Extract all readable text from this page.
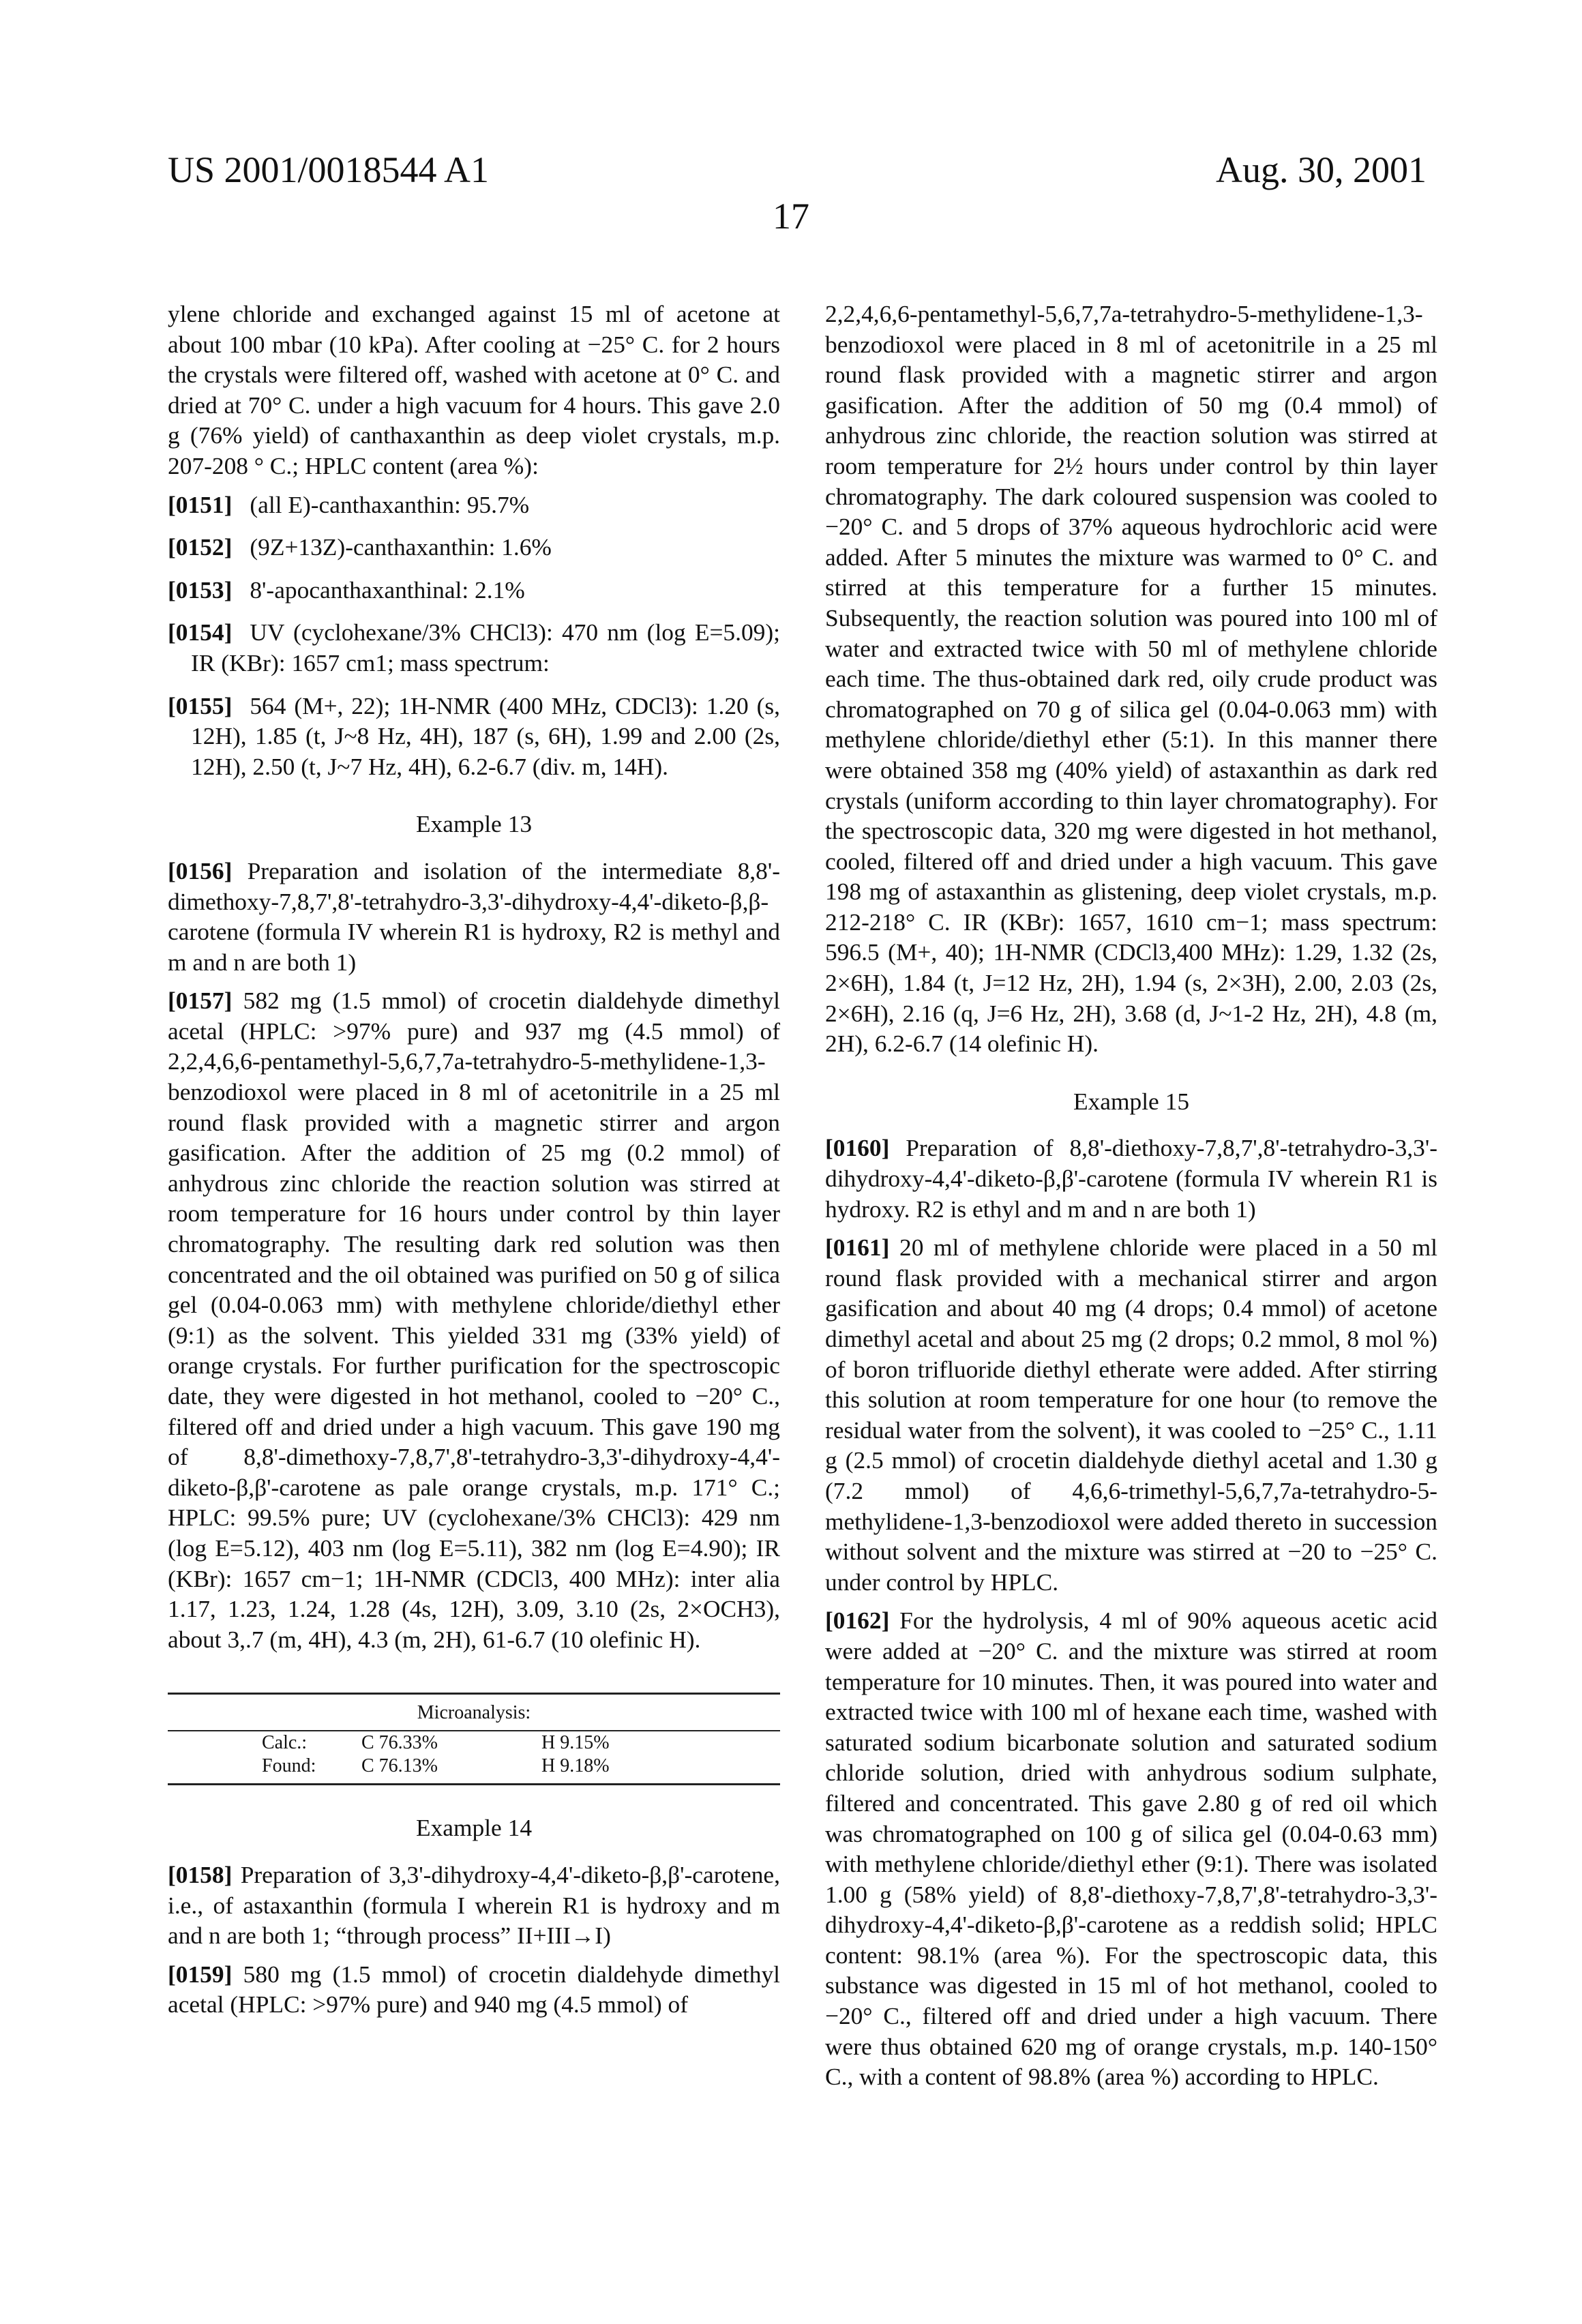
US 2001/0018544 A1	Aug. 30, 2001
17

ylene chloride and exchanged against 15 ml of acetone at about 100 mbar (10 kPa). After cooling at −25° C. for 2 hours the crystals were filtered off, washed with acetone at 0° C. and dried at 70° C. under a high vacuum for 4 hours. This gave 2.0 g (76% yield) of canthaxanthin as deep violet crystals, m.p. 207-208 ° C.; HPLC content (area %):

[0151] (all E)-canthaxanthin: 95.7%
[0152] (9Z+13Z)-canthaxanthin: 1.6%
[0153] 8'-apocanthaxanthinal: 2.1%
[0154] UV (cyclohexane/3% CHCl3): 470 nm (log E=5.09); IR (KBr): 1657 cm1; mass spectrum:
[0155] 564 (M+, 22); 1H-NMR (400 MHz, CDCl3): 1.20 (s, 12H), 1.85 (t, J~8 Hz, 4H), 187 (s, 6H), 1.99 and 2.00 (2s, 12H), 2.50 (t, J~7 Hz, 4H), 6.2-6.7 (div. m, 14H).
Example 13

[0156] Preparation and isolation of the intermediate 8,8'-dimethoxy-7,8,7',8'-tetrahydro-3,3'-dihydroxy-4,4'-diketo-β,β-carotene (formula IV wherein R1 is hydroxy, R2 is methyl and m and n are both 1)

[0157] 582 mg (1.5 mmol) of crocetin dialdehyde dimethyl acetal (HPLC: >97% pure) and 937 mg (4.5 mmol) of 2,2,4,6,6-pentamethyl-5,6,7,7a-tetrahydro-5-methylidene-1,3-benzodioxol were placed in 8 ml of acetonitrile in a 25 ml round flask provided with a magnetic stirrer and argon gasification. After the addition of 25 mg (0.2 mmol) of anhydrous zinc chloride the reaction solution was stirred at room temperature for 16 hours under control by thin layer chromatography. The resulting dark red solution was then concentrated and the oil obtained was purified on 50 g of silica gel (0.04-0.063 mm) with methylene chloride/diethyl ether (9:1) as the solvent. This yielded 331 mg (33% yield) of orange crystals. For further purification for the spectroscopic date, they were digested in hot methanol, cooled to −20° C., filtered off and dried under a high vacuum. This gave 190 mg of 8,8'-dimethoxy-7,8,7',8'-tetrahydro-3,3'-dihydroxy-4,4'-diketo-β,β'-carotene as pale orange crystals, m.p. 171° C.; HPLC: 99.5% pure; UV (cyclohexane/3% CHCl3): 429 nm (log E=5.12), 403 nm (log E=5.11), 382 nm (log E=4.90); IR (KBr): 1657 cm−1; 1H-NMR (CDCl3, 400 MHz): inter alia 1.17, 1.23, 1.24, 1.28 (4s, 12H), 3.09, 3.10 (2s, 2×OCH3), about 3,.7 (m, 4H), 4.3 (m, 2H), 61-6.7 (10 olefinic H).

Microanalysis:
Calc.:	C 76.33%	H 9.15%
Found:	C 76.13%	H 9.18%
Example 14

[0158] Preparation of 3,3'-dihydroxy-4,4'-diketo-β,β'-carotene, i.e., of astaxanthin (formula I wherein R1 is hydroxy and m and n are both 1; “through process” II+III→I)

[0159] 580 mg (1.5 mmol) of crocetin dialdehyde dimethyl acetal (HPLC: >97% pure) and 940 mg (4.5 mmol) of

2,2,4,6,6-pentamethyl-5,6,7,7a-tetrahydro-5-methylidene-1,3-benzodioxol were placed in 8 ml of acetonitrile in a 25 ml round flask provided with a magnetic stirrer and argon gasification. After the addition of 50 mg (0.4 mmol) of anhydrous zinc chloride, the reaction solution was stirred at room temperature for 2½ hours under control by thin layer chromatography. The dark coloured suspension was cooled to −20° C. and 5 drops of 37% aqueous hydrochloric acid were added. After 5 minutes the mixture was warmed to 0° C. and stirred at this temperature for a further 15 minutes. Subsequently, the reaction solution was poured into 100 ml of water and extracted twice with 50 ml of methylene chloride each time. The thus-obtained dark red, oily crude product was chromatographed on 70 g of silica gel (0.04-0.063 mm) with methylene chloride/diethyl ether (5:1). In this manner there were obtained 358 mg (40% yield) of astaxanthin as dark red crystals (uniform according to thin layer chromatography). For the spectroscopic data, 320 mg were digested in hot methanol, cooled, filtered off and dried under a high vacuum. This gave 198 mg of astaxanthin as glistening, deep violet crystals, m.p. 212-218° C. IR (KBr): 1657, 1610 cm−1; mass spectrum: 596.5 (M+, 40); 1H-NMR (CDCl3,400 MHz): 1.29, 1.32 (2s, 2×6H), 1.84 (t, J=12 Hz, 2H), 1.94 (s, 2×3H), 2.00, 2.03 (2s, 2×6H), 2.16 (q, J=6 Hz, 2H), 3.68 (d, J~1-2 Hz, 2H), 4.8 (m, 2H), 6.2-6.7 (14 olefinic H).

Example 15

[0160] Preparation of 8,8'-diethoxy-7,8,7',8'-tetrahydro-3,3'-dihydroxy-4,4'-diketo-β,β'-carotene (formula IV wherein R1 is hydroxy. R2 is ethyl and m and n are both 1)

[0161] 20 ml of methylene chloride were placed in a 50 ml round flask provided with a mechanical stirrer and argon gasification and about 40 mg (4 drops; 0.4 mmol) of acetone dimethyl acetal and about 25 mg (2 drops; 0.2 mmol, 8 mol %) of boron trifluoride diethyl etherate were added. After stirring this solution at room temperature for one hour (to remove the residual water from the solvent), it was cooled to −25° C., 1.11 g (2.5 mmol) of crocetin dialdehyde diethyl acetal and 1.30 g (7.2 mmol) of 4,6,6-trimethyl-5,6,7,7a-tetrahydro-5-methylidene-1,3-benzodioxol were added thereto in succession without solvent and the mixture was stirred at −20 to −25° C. under control by HPLC.

[0162] For the hydrolysis, 4 ml of 90% aqueous acetic acid were added at −20° C. and the mixture was stirred at room temperature for 10 minutes. Then, it was poured into water and extracted twice with 100 ml of hexane each time, washed with saturated sodium bicarbonate solution and saturated sodium chloride solution, dried with anhydrous sodium sulphate, filtered and concentrated. This gave 2.80 g of red oil which was chromatographed on 100 g of silica gel (0.04-0.63 mm) with methylene chloride/diethyl ether (9:1). There was isolated 1.00 g (58% yield) of 8,8'-diethoxy-7,8,7',8'-tetrahydro-3,3'-dihydroxy-4,4'-diketo-β,β'-carotene as a reddish solid; HPLC content: 98.1% (area %). For the spectroscopic data, this substance was digested in 15 ml of hot methanol, cooled to −20° C., filtered off and dried under a high vacuum. There were thus obtained 620 mg of orange crystals, m.p. 140-150° C., with a content of 98.8% (area %) according to HPLC.
